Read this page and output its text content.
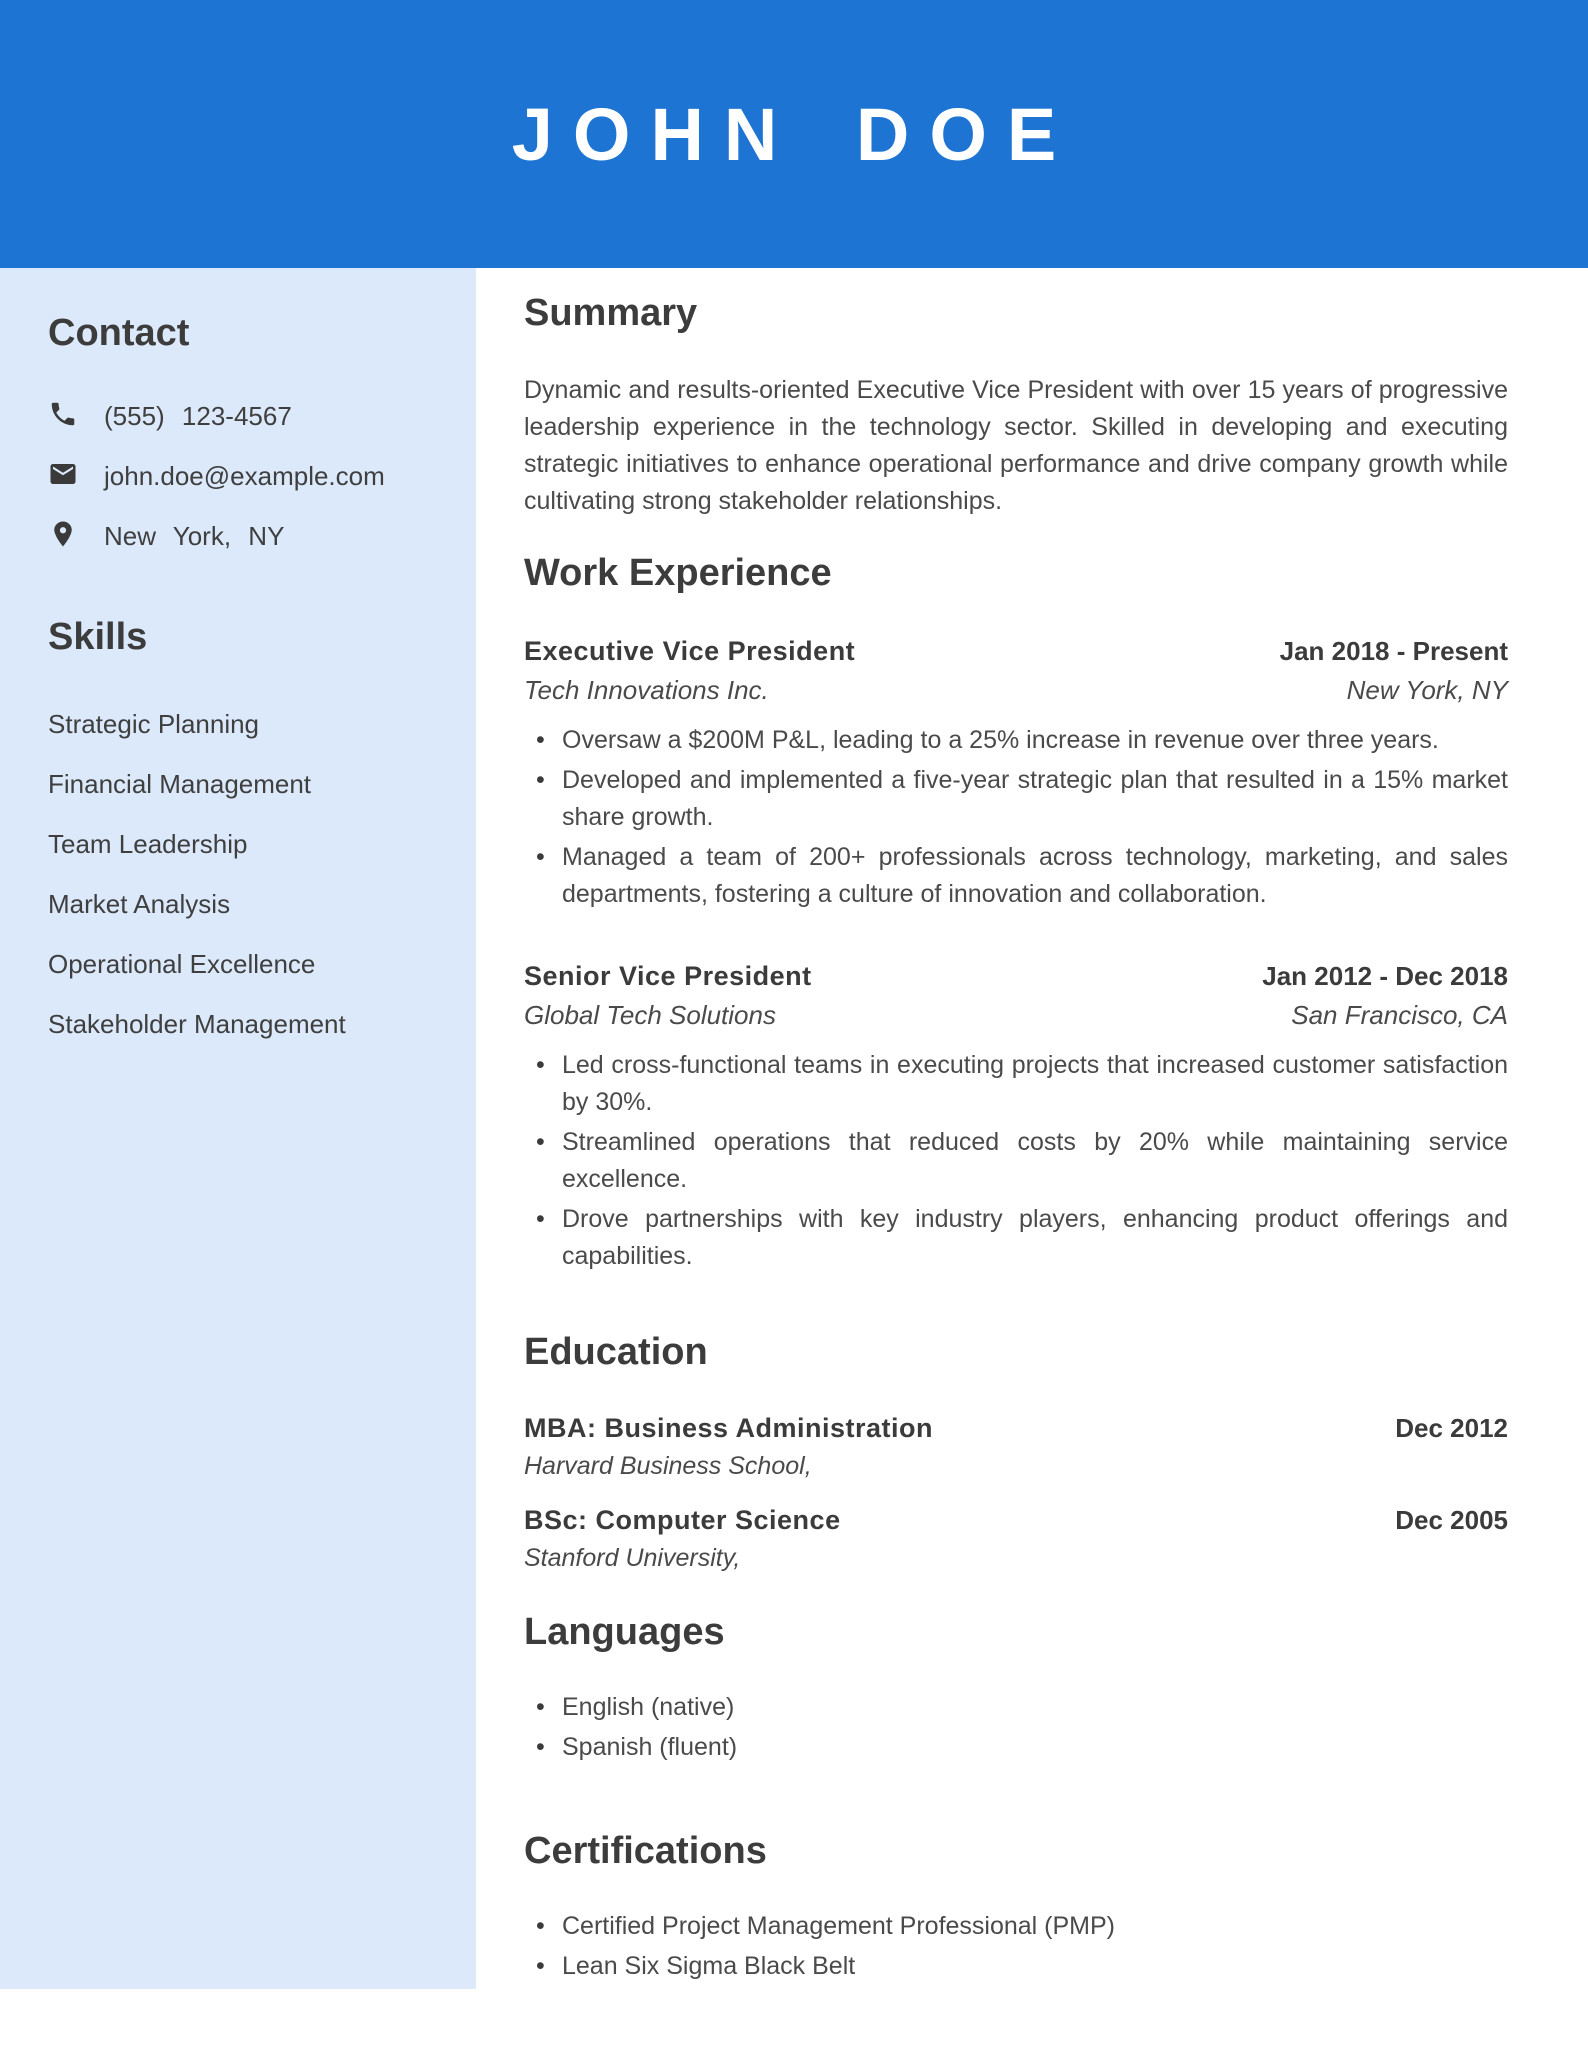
JOHN DOE
Contact
(555) 123-4567
john.doe@example.com
New York, NY
Skills
Strategic Planning
Financial Management
Team Leadership
Market Analysis
Operational Excellence
Stakeholder Management
Summary

Dynamic and results-oriented Executive Vice President with over 15 years of progressive leadership experience in the technology sector. Skilled in developing and executing strategic initiatives to enhance operational performance and drive company growth while cultivating strong stakeholder relationships.

Work Experience
Executive Vice President	Jan 2018 - Present
Tech Innovations Inc.	New York, NY
• Oversaw a $200M P&L, leading to a 25% increase in revenue over three years.
• Developed and implemented a five-year strategic plan that resulted in a 15% market share growth.
• Managed a team of 200+ professionals across technology, marketing, and sales departments, fostering a culture of innovation and collaboration.
Senior Vice President	Jan 2012 - Dec 2018
Global Tech Solutions	San Francisco, CA
• Led cross-functional teams in executing projects that increased customer satisfaction by 30%.
• Streamlined operations that reduced costs by 20% while maintaining service excellence.
• Drove partnerships with key industry players, enhancing product offerings and capabilities.
Education
MBA: Business Administration	Dec 2012
Harvard Business School,
BSc: Computer Science	Dec 2005
Stanford University,
Languages
• English (native)
• Spanish (fluent)
Certifications
• Certified Project Management Professional (PMP)
• Lean Six Sigma Black Belt
